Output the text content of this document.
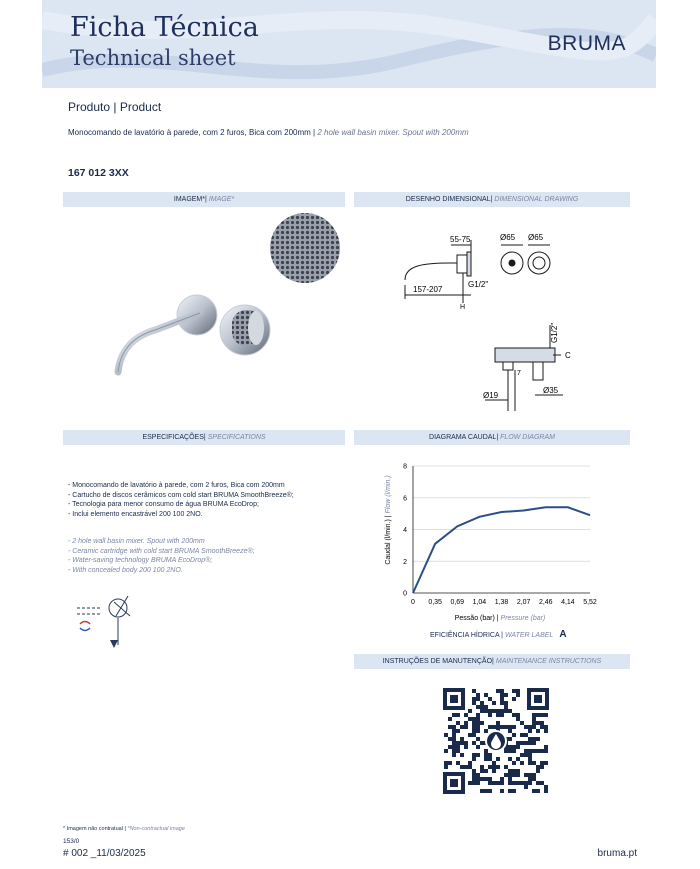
Ficha Técnica
Technical sheet
BRUMA
Produto | Product
Monocomando de lavatório à parede, com 2 furos, Bica com 200mm | 2 hole wall basin mixer. Spout with 200mm
167 012 3XX
IMAGEM* | IMAGE*	DESENHO DIMENSIONAL | DIMENSIONAL DRAWING
ESPECIFICAÇÕES | SPECIFICATIONS	DIAGRAMA CAUDAL | FLOW DIAGRAM
INSTRUÇÕES DE MANUTENÇÃO | MAINTENANCE INSTRUCTIONS
55-75	Ø65 Ø65
157-207
G1/2"
H
G1/2"
C
7
Ø35
Ø19
- Monocomando de lavatório à parede, com 2 furos, Bica com 200mm
- Cartucho de discos cerâmicos com cold start BRUMA SmoothBreeze®;
- Tecnologia para menor consumo de água BRUMA EcoDrop;
- Inclui elemento encastrável 200 100 2NO.
- 2 hole wall basin mixer. Spout with 200mm
- Ceramic cartridge with cold start BRUMA SmoothBreeze®;
- Water-saving technology BRUMA EcoDrop®;
- With concealed body 200 100 2NO.
0
2
4
6
8
0 0,35 0,69 1,04 1,38 2,07 2,46 4,14 5,52
Caudal (l/min.) | Flow (l/min.)
Pessão (bar) | Pressure (bar)
EFICIÊNCIA HÍDRICA | WATER LABEL A
* Imagem não contratual | *Non-contractual image
153/0
# 002 _11/03/2025	bruma.pt
